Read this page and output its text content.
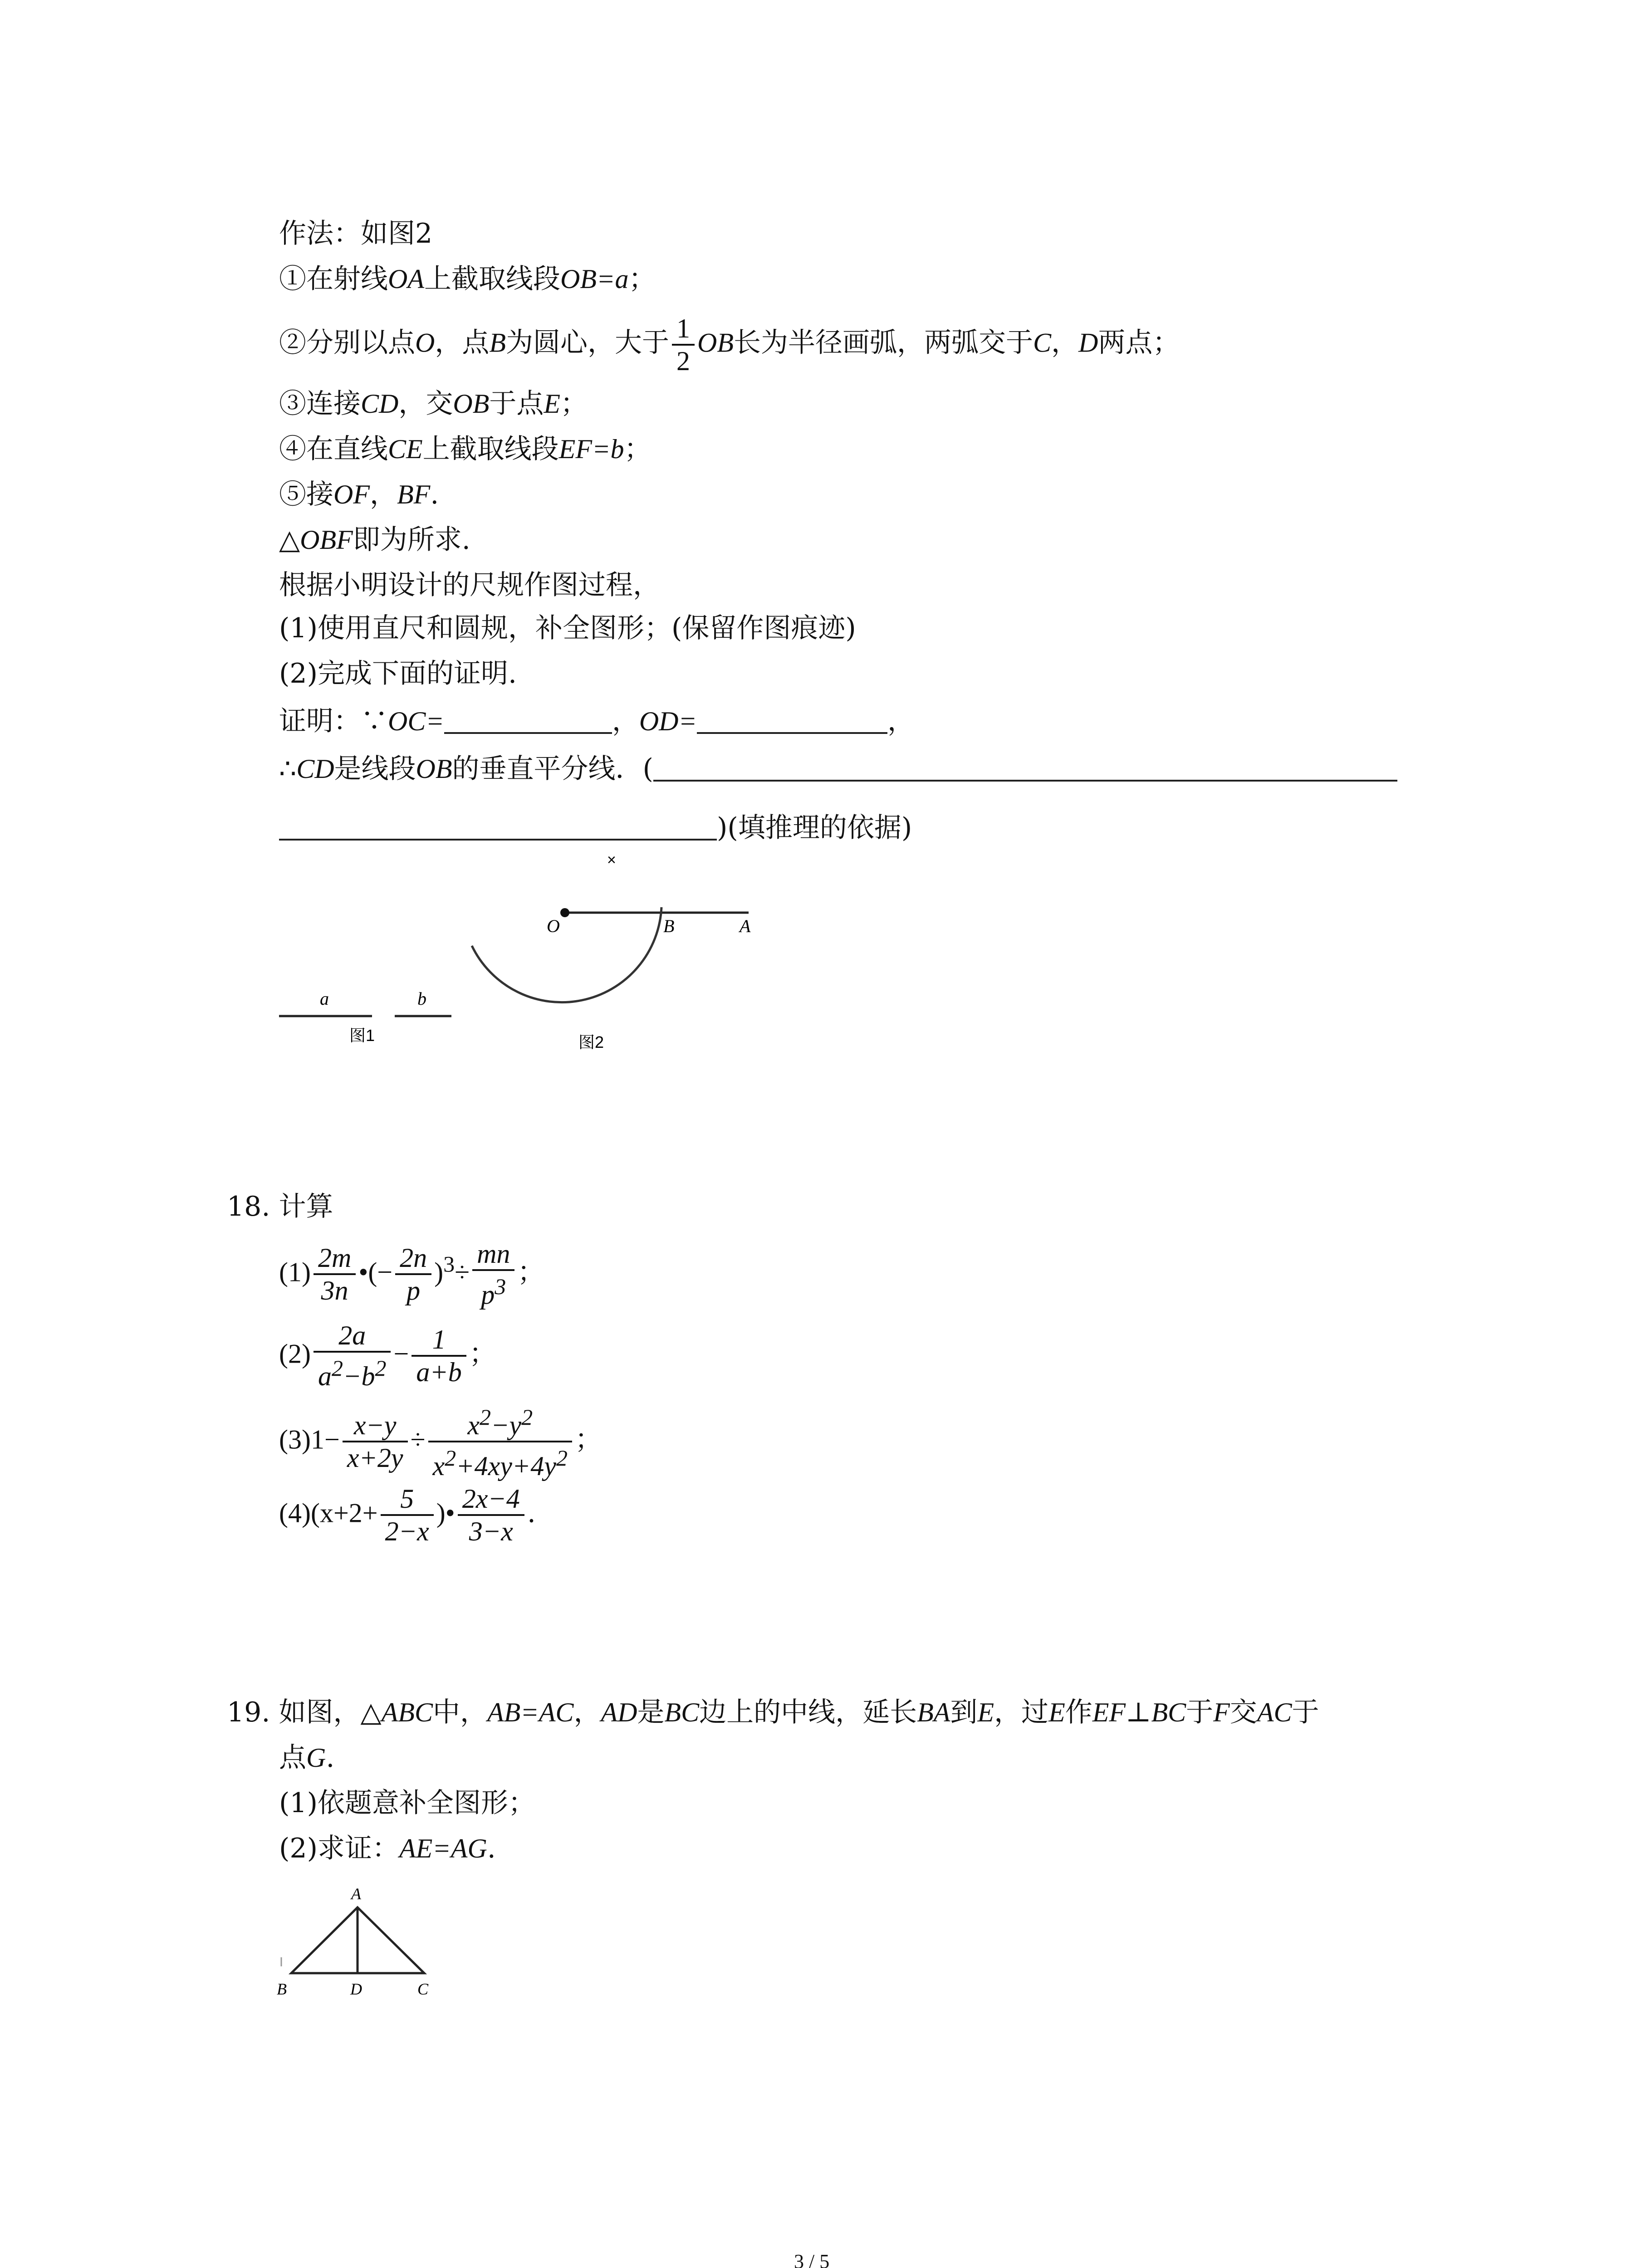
作法：如图2
①在射线OA上截取线段OB=a；
②分别以点O，点B为圆心，大于 $\frac{1}{2}$ OB长为半径画弧，两弧交于C，D两点；
③连接CD，交OB于点E；
④在直线CE上截取线段EF=b；
⑤接OF，BF.
△OBF即为所求.
根据小明设计的尺规作图过程，
(1)使用直尺和圆规，补全图形；(保留作图痕迹)
(2)完成下面的证明.
证明：∵OC=	，OD=	，
∴CD是线段OB的垂直平分线．(
)(填推理的依据)
a	b
图1
×
O	B	A
图2
18. 计算
$(1) \frac{2m}{3n}$ •(− $\frac{2n}{p} )^3\div \frac{mn}{p^3}$ ；
$(2) \frac{2a}{a^2-b^2} - \frac{1}{a+b}$ ；
$(3)1- \frac{x-y}{x+2y} \div \frac{x^2-y^2}{x^2+4xy+4y^2}$ ；
$(4)(x+2+ \frac{5}{2-x}$ )• $\frac{2x-4}{3-x}$ .
19. 如图，△ABC中，AB=AC，AD是BC边上的中线，延长BA到E，过E作EF⊥BC于F交AC于
点G.
(1)依题意补全图形；
(2)求证：AE=AG.
A
B	D	C
3 / 5
